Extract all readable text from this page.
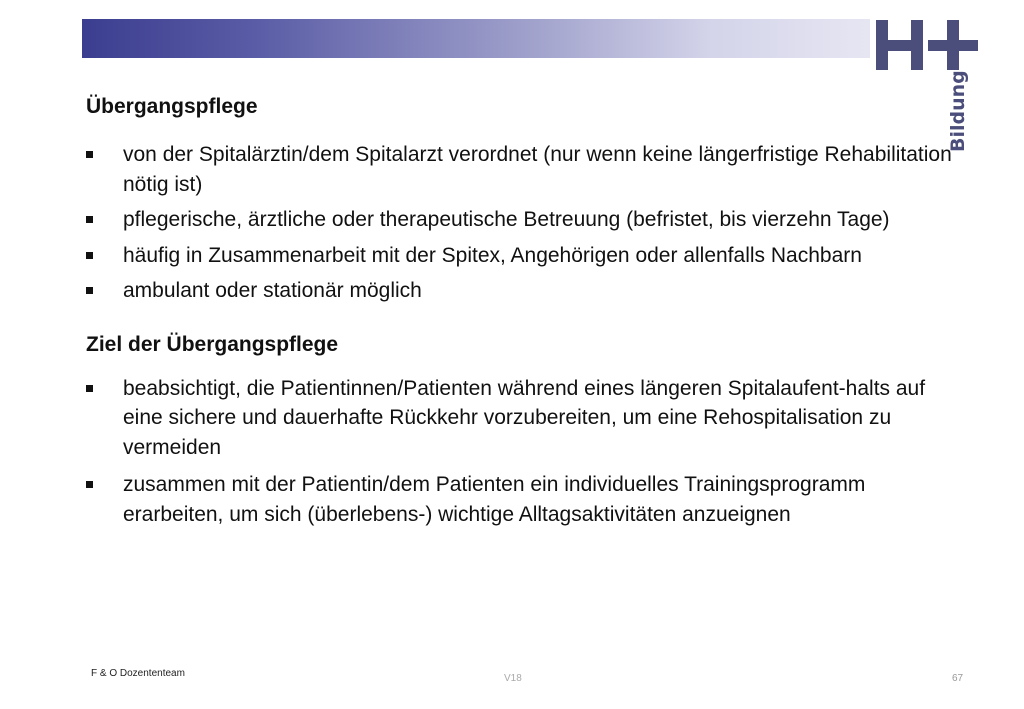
Bildung
Übergangspflege
von der Spitalärztin/dem Spitalarzt verordnet (nur wenn keine längerfristige Rehabilitation nötig ist)
pflegerische, ärztliche oder therapeutische Betreuung (befristet, bis vierzehn Tage)
häufig in Zusammenarbeit mit der Spitex, Angehörigen oder allenfalls Nachbarn
ambulant oder stationär möglich
Ziel der Übergangspflege
beabsichtigt, die Patientinnen/Patienten während eines längeren Spitalaufent-halts auf eine sichere und dauerhafte Rückkehr vorzubereiten, um eine Rehospitalisation zu vermeiden
zusammen mit der Patientin/dem Patienten ein individuelles Trainingsprogramm erarbeiten, um sich (überlebens-) wichtige Alltagsaktivitäten anzueignen
F & O Dozententeam	V18	67
